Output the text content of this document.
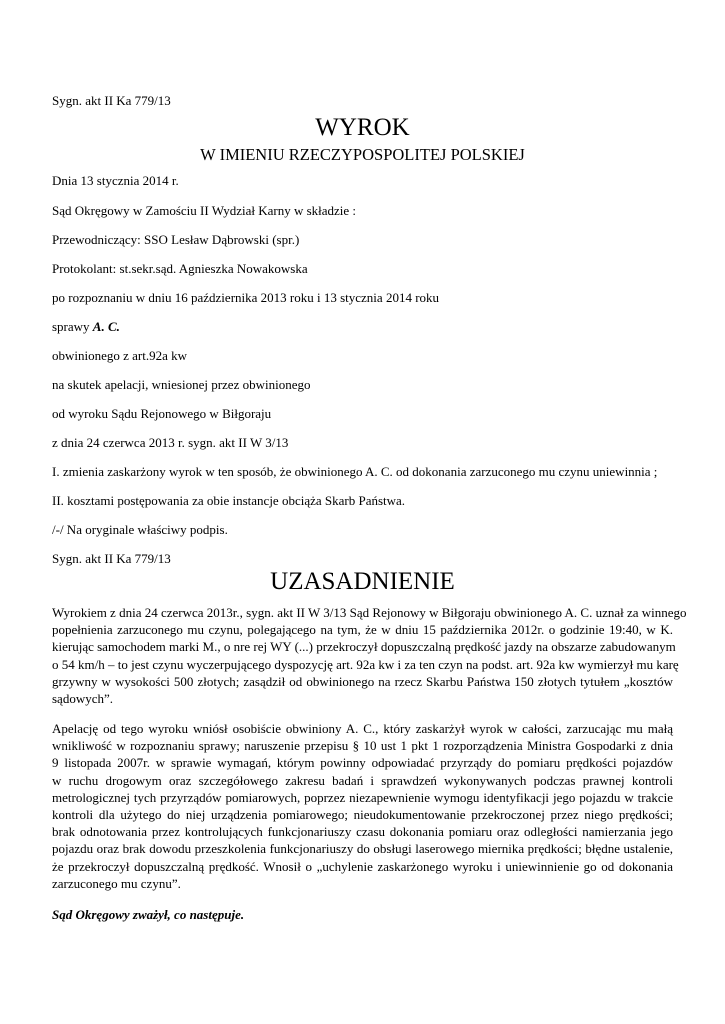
Sygn. akt II Ka 779/13
WYROK
W IMIENIU RZECZYPOSPOLITEJ POLSKIEJ
Dnia 13 stycznia 2014 r.
Sąd Okręgowy w Zamościu II Wydział Karny w składzie :
Przewodniczący: SSO Lesław Dąbrowski (spr.)
Protokolant: st.sekr.sąd. Agnieszka Nowakowska
po rozpoznaniu w dniu 16 października 2013 roku i 13 stycznia 2014 roku
sprawy A. C.
obwinionego z art.92a kw
na skutek apelacji, wniesionej przez obwinionego
od wyroku Sądu Rejonowego w Biłgoraju
z dnia 24 czerwca 2013 r. sygn. akt II W 3/13
I. zmienia zaskarżony wyrok w ten sposób, że obwinionego A. C. od dokonania zarzuconego mu czynu uniewinnia ;
II. kosztami postępowania za obie instancje obciąża Skarb Państwa.
/-/ Na oryginale właściwy podpis.
Sygn. akt II Ka 779/13
UZASADNIENIE
Wyrokiem z dnia 24 czerwca 2013r., sygn. akt II W 3/13 Sąd Rejonowy w Biłgoraju obwinionego A. C. uznał za winnego
popełnienia zarzuconego mu czynu, polegającego na tym, że w dniu 15 października 2012r. o godzinie 19:40, w K.
kierując samochodem marki M., o nre rej WY (...) przekroczył dopuszczalną prędkość jazdy na obszarze zabudowanym
o 54 km/h – to jest czynu wyczerpującego dyspozycję art. 92a kw i za ten czyn na podst. art. 92a kw wymierzył mu karę
grzywny w wysokości 500 złotych; zasądził od obwinionego na rzecz Skarbu Państwa 150 złotych tytułem „kosztów
sądowych”.
Apelację od tego wyroku wniósł osobiście obwiniony A. C., który zaskarżył wyrok w całości, zarzucając mu małą
wnikliwość w rozpoznaniu sprawy; naruszenie przepisu § 10 ust 1 pkt 1 rozporządzenia Ministra Gospodarki z dnia
9 listopada 2007r. w sprawie wymagań, którym powinny odpowiadać przyrządy do pomiaru prędkości pojazdów
w ruchu drogowym oraz szczegółowego zakresu badań i sprawdzeń wykonywanych podczas prawnej kontroli
metrologicznej tych przyrządów pomiarowych, poprzez niezapewnienie wymogu identyfikacji jego pojazdu w trakcie
kontroli dla użytego do niej urządzenia pomiarowego; nieudokumentowanie przekroczonej przez niego prędkości;
brak odnotowania przez kontrolujących funkcjonariuszy czasu dokonania pomiaru oraz odległości namierzania jego
pojazdu oraz brak dowodu przeszkolenia funkcjonariuszy do obsługi laserowego miernika prędkości; błędne ustalenie,
że przekroczył dopuszczalną prędkość. Wnosił o „uchylenie zaskarżonego wyroku i uniewinnienie go od dokonania
zarzuconego mu czynu”.
Sąd Okręgowy zważył, co następuje.
